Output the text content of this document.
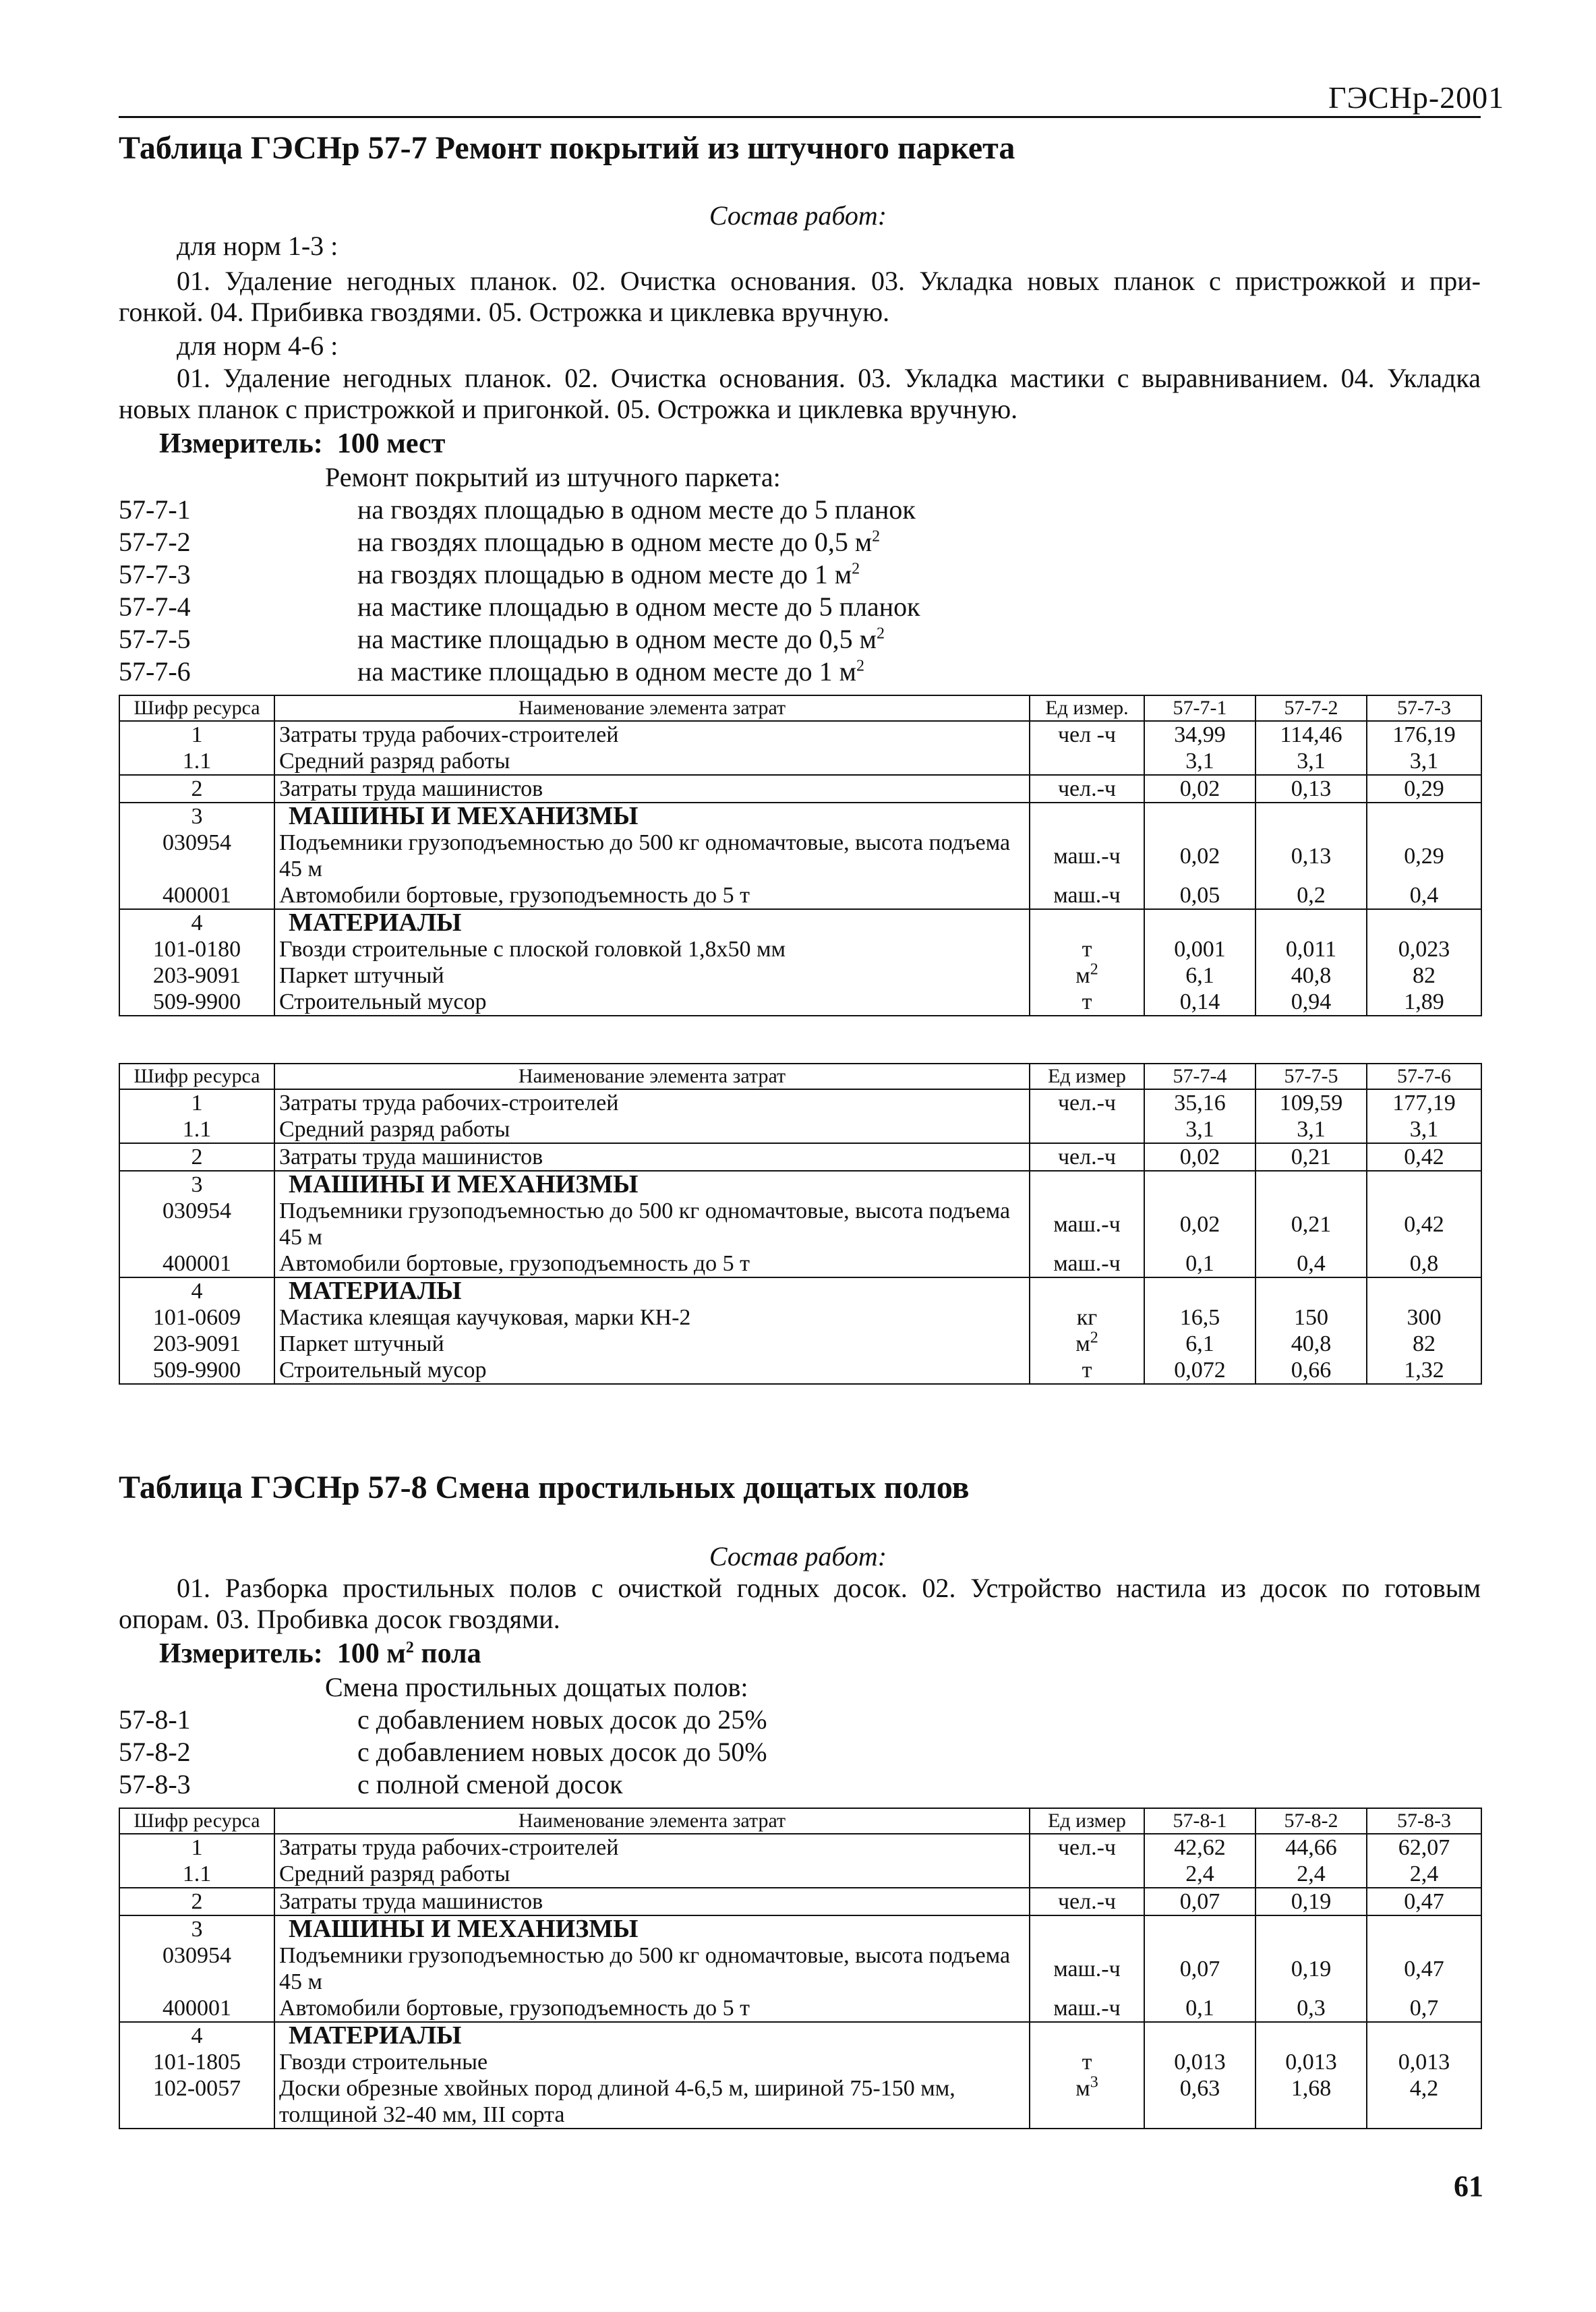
ГЭСНр-2001
Таблица ГЭСНр 57-7 Ремонт покрытий из штучного паркета
Состав работ:
для норм 1-3 :
01. Удаление негодных планок. 02. Очистка основания. 03. Укладка новых планок с пристрожкой и при-
гонкой. 04. Прибивка гвоздями. 05. Острожка и циклевка вручную.
для норм 4-6 :
01. Удаление негодных планок. 02. Очистка основания. 03. Укладка мастики с выравниванием. 04. Укладка
новых планок с пристрожкой и пригонкой. 05. Острожка и циклевка вручную.
Измеритель: 100 мест
Ремонт покрытий из штучного паркета:
57-7-1	на гвоздях площадью в одном месте до 5 планок
57-7-2	на гвоздях площадью в одном месте до 0,5 $м^2$
57-7-3	на гвоздях площадью в одном месте до 1 $м^2$
57-7-4	на мастике площадью в одном месте до 5 планок
57-7-5	на мастике площадью в одном месте до 0,5 $м^2$
57-7-6	на мастике площадью в одном месте до 1 $м^2$
Шифр ресурса	Наименование элемента затрат	Ед измер.	57-7-1	57-7-2	57-7-3
1	Затраты труда рабочих-строителей	чел -ч	34,99	114,46	176,19
1.1	Средний разряд работы		3,1	3,1	3,1
2	Затраты труда машинистов	чел.-ч	0,02	0,13	0,29
3	МАШИНЫ И МЕХАНИЗМЫ				
030954	Подъемники грузоподъемностью до 500 кг одномачтовые, высота подъема 45 м	маш.-ч	0,02	0,13	0,29
400001	Автомобили бортовые, грузоподъемность до 5 т	маш.-ч	0,05	0,2	0,4
4	МАТЕРИАЛЫ				
101-0180	Гвозди строительные с плоской головкой 1,8х50 мм	т	0,001	0,011	0,023
203-9091	Паркет штучный	$м^2$	6,1	40,8	82
509-9900	Строительный мусор	т	0,14	0,94	1,89
Шифр ресурса	Наименование элемента затрат	Ед измер	57-7-4	57-7-5	57-7-6
1	Затраты труда рабочих-строителей	чел.-ч	35,16	109,59	177,19
1.1	Средний разряд работы		3,1	3,1	3,1
2	Затраты труда машинистов	чел.-ч	0,02	0,21	0,42
3	МАШИНЫ И МЕХАНИЗМЫ				
030954	Подъемники грузоподъемностью до 500 кг одномачтовые, высота подъема 45 м	маш.-ч	0,02	0,21	0,42
400001	Автомобили бортовые, грузоподъемность до 5 т	маш.-ч	0,1	0,4	0,8
4	МАТЕРИАЛЫ				
101-0609	Мастика клеящая каучуковая, марки КН-2	кг	16,5	150	300
203-9091	Паркет штучный	$м^2$	6,1	40,8	82
509-9900	Строительный мусор	т	0,072	0,66	1,32
Таблица ГЭСНр 57-8 Смена простильных дощатых полов
Состав работ:
01. Разборка простильных полов с очисткой годных досок. 02. Устройство настила из досок по готовым
опорам. 03. Пробивка досок гвоздями.
Измеритель: 100 $м^2$ пола
Смена простильных дощатых полов:
57-8-1	с добавлением новых досок до 25%
57-8-2	с добавлением новых досок до 50%
57-8-3	с полной сменой досок
Шифр ресурса	Наименование элемента затрат	Ед измер	57-8-1	57-8-2	57-8-3
1	Затраты труда рабочих-строителей	чел.-ч	42,62	44,66	62,07
1.1	Средний разряд работы		2,4	2,4	2,4
2	Затраты труда машинистов	чел.-ч	0,07	0,19	0,47
3	МАШИНЫ И МЕХАНИЗМЫ				
030954	Подъемники грузоподъемностью до 500 кг одномачтовые, высота подъема 45 м	маш.-ч	0,07	0,19	0,47
400001	Автомобили бортовые, грузоподъемность до 5 т	маш.-ч	0,1	0,3	0,7
4	МАТЕРИАЛЫ				
101-1805	Гвозди строительные	т	0,013	0,013	0,013
102-0057	Доски обрезные хвойных пород длиной 4-6,5 м, шириной 75-150 мм, толщиной 32-40 мм, III сорта	$м^3$	0,63	1,68	4,2
61
